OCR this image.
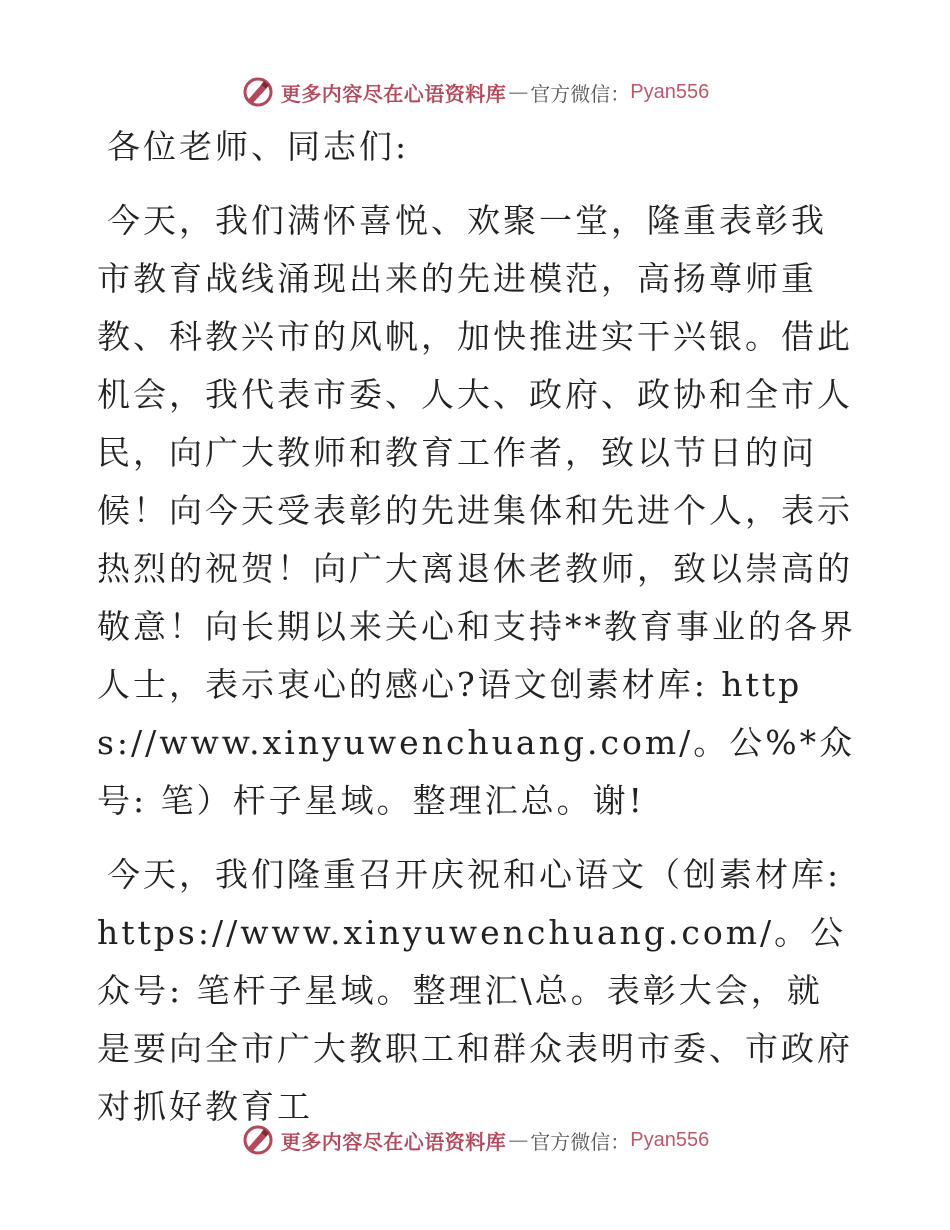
更多内容尽在心语资料库 — 官方微信： Pyan556

各位老师、同志们:

今天，我们满怀喜悦、欢聚一堂，隆重表彰我市教育战线涌现出来的先进模范，高扬尊师重教、科教兴市的风帆，加快推进实干兴银。借此机会，我代表市委、人大、政府、政协和全市人民，向广大教师和教育工作者，致以节日的问候！向今天受表彰的先进集体和先进个人，表示热烈的祝贺！向广大离退休老教师，致以崇高的敬意！向长期以来关心和支持**教育事业的各界人士，表示衷心的感心?语文创素材库: https://www.xinyuwenchuang.com/。公%*众号: 笔）杆子星域。整理汇总。谢!

今天，我们隆重召开庆祝和心语文（创素材库: https://www.xinyuwenchuang.com/。公众号: 笔杆子星域。整理汇\总。表彰大会，就是要向全市广大教职工和群众表明市委、市政府对抓好教育工

更多内容尽在心语资料库 — 官方微信： Pyan556
